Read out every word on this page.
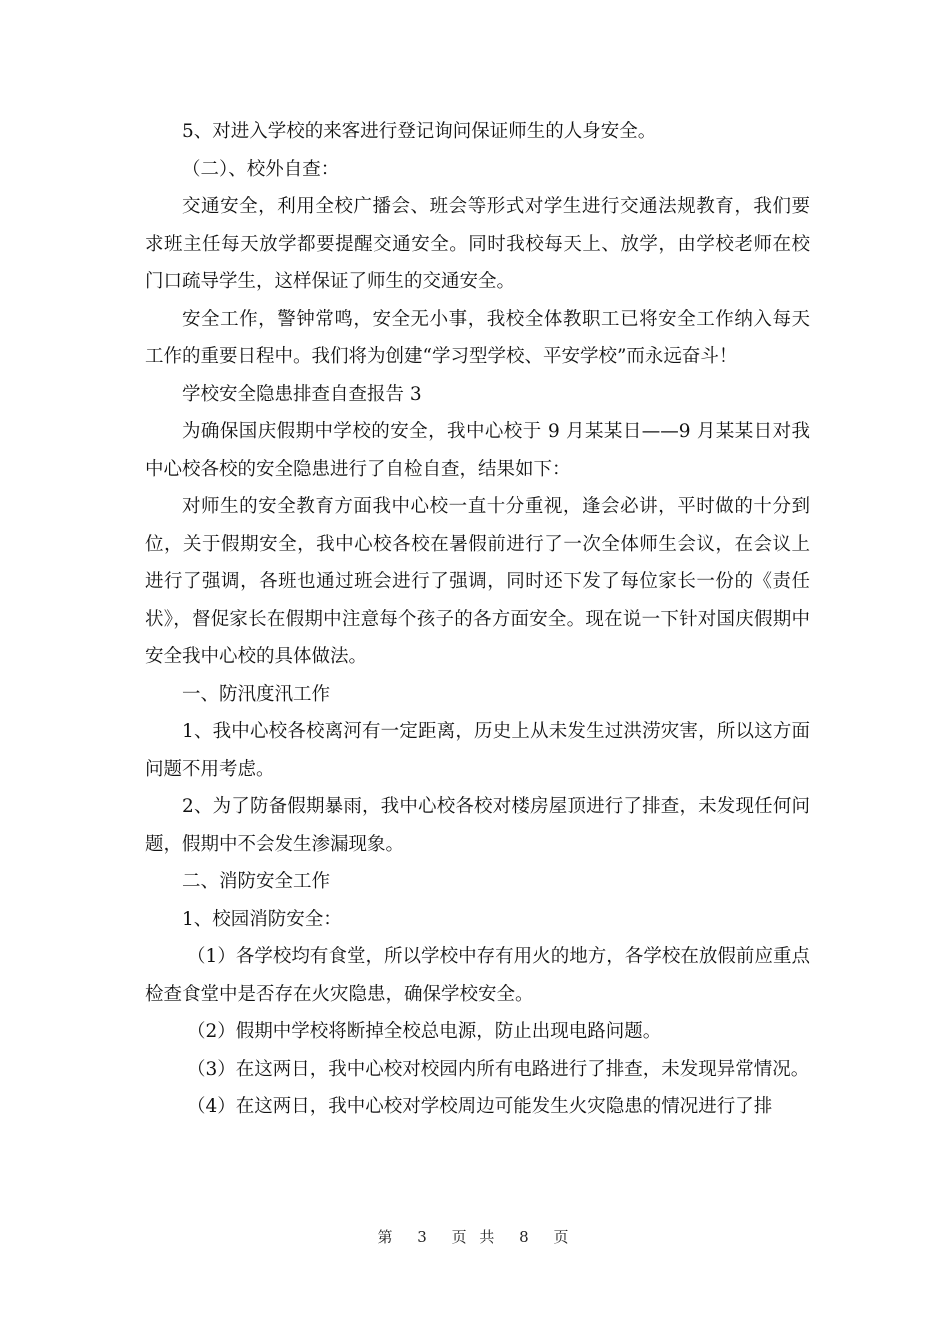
5、对进入学校的来客进行登记询问保证师生的人身安全。

（二）、校外自查：

交通安全，利用全校广播会、班会等形式对学生进行交通法规教育，我们要求班主任每天放学都要提醒交通安全。同时我校每天上、放学，由学校老师在校门口疏导学生，这样保证了师生的交通安全。

安全工作，警钟常鸣，安全无小事，我校全体教职工已将安全工作纳入每天工作的重要日程中。我们将为创建“学习型学校、平安学校”而永远奋斗！

学校安全隐患排查自查报告 3

为确保国庆假期中学校的安全，我中心校于 9 月某某日——9 月某某日对我中心校各校的安全隐患进行了自检自查，结果如下：

对师生的安全教育方面我中心校一直十分重视，逢会必讲，平时做的十分到位，关于假期安全，我中心校各校在暑假前进行了一次全体师生会议，在会议上进行了强调，各班也通过班会进行了强调，同时还下发了每位家长一份的《责任状》，督促家长在假期中注意每个孩子的各方面安全。现在说一下针对国庆假期中安全我中心校的具体做法。

一、防汛度汛工作

1、我中心校各校离河有一定距离，历史上从未发生过洪涝灾害，所以这方面问题不用考虑。

2、为了防备假期暴雨，我中心校各校对楼房屋顶进行了排查，未发现任何问题，假期中不会发生渗漏现象。

二、消防安全工作

1、校园消防安全：

（1）各学校均有食堂，所以学校中存有用火的地方，各学校在放假前应重点检查食堂中是否存在火灾隐患，确保学校安全。

（2）假期中学校将断掉全校总电源，防止出现电路问题。

（3）在这两日，我中心校对校园内所有电路进行了排查，未发现异常情况。

（4）在这两日，我中心校对学校周边可能发生火灾隐患的情况进行了排

第 3 页 共 8 页
